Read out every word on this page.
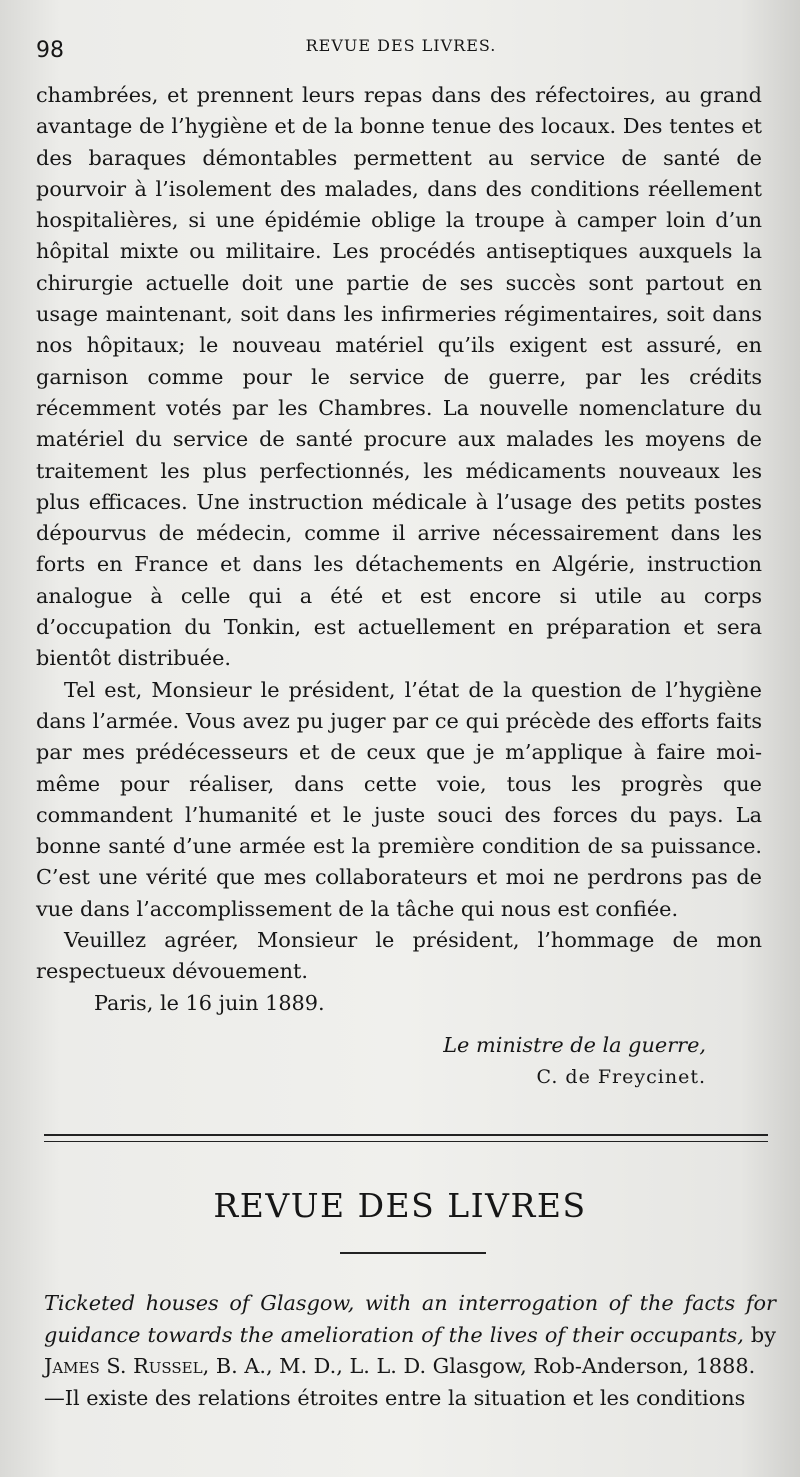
98	REVUE DES LIVRES.

chambrées, et prennent leurs repas dans des réfectoires, au grand avantage de l’hygiène et de la bonne tenue des locaux. Des tentes et des baraques démontables permettent au service de santé de pourvoir à l’isolement des malades, dans des conditions réellement hospitalières, si une épidémie oblige la troupe à camper loin d’un hôpital mixte ou militaire. Les procédés antiseptiques auxquels la chirurgie actuelle doit une partie de ses succès sont partout en usage maintenant, soit dans les infirmeries régimentaires, soit dans nos hôpitaux; le nouveau matériel qu’ils exigent est assuré, en garnison comme pour le service de guerre, par les crédits récemment votés par les Chambres. La nouvelle nomenclature du matériel du service de santé procure aux malades les moyens de traitement les plus perfectionnés, les médicaments nouveaux les plus efficaces. Une instruction médicale à l’usage des petits postes dépourvus de médecin, comme il arrive nécessairement dans les forts en France et dans les détachements en Algérie, instruction analogue à celle qui a été et est encore si utile au corps d’occupation du Tonkin, est actuellement en préparation et sera bientôt distribuée.

Tel est, Monsieur le président, l’état de la question de l’hygiène dans l’armée. Vous avez pu juger par ce qui précède des efforts faits par mes prédécesseurs et de ceux que je m’applique à faire moi-même pour réaliser, dans cette voie, tous les progrès que commandent l’humanité et le juste souci des forces du pays. La bonne santé d’une armée est la première condition de sa puissance. C’est une vérité que mes collaborateurs et moi ne perdrons pas de vue dans l’accomplissement de la tâche qui nous est confiée.

Veuillez agréer, Monsieur le président, l’hommage de mon respectueux dévouement.

Paris, le 16 juin 1889.

Le ministre de la guerre,
C. de Freycinet.
REVUE DES LIVRES

Ticketed houses of Glasgow, with an interrogation of the facts for guidance towards the amelioration of the lives of their occupants, by James S. Russel, B. A., M. D., L. L. D. Glasgow, Rob-Anderson, 1888.

—Il existe des relations étroites entre la situation et les conditions
